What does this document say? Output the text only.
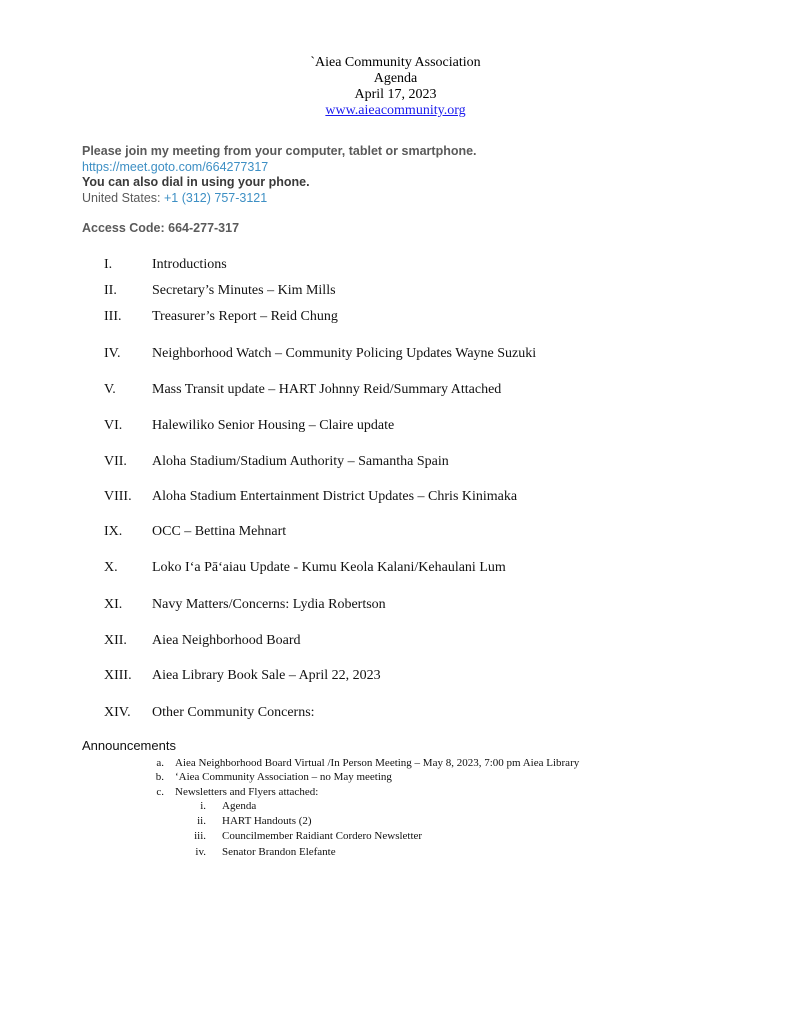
`Aiea Community Association
Agenda
April 17, 2023
www.aieacommunity.org
Please join my meeting from your computer, tablet or smartphone.
https://meet.goto.com/664277317
You can also dial in using your phone.
United States: +1 (312) 757-3121
Access Code: 664-277-317
I.	Introductions
II.	Secretary’s Minutes – Kim Mills
III.	Treasurer’s Report – Reid Chung
IV.	Neighborhood Watch – Community Policing Updates Wayne Suzuki
V.	Mass Transit update – HART Johnny Reid/Summary Attached
VI.	Halewiliko Senior Housing – Claire update
VII.	Aloha Stadium/Stadium Authority – Samantha Spain
VIII.	Aloha Stadium Entertainment District Updates – Chris Kinimaka
IX.	OCC – Bettina Mehnart
X.	Loko Iʻa Pāʻaiau Update - Kumu Keola Kalani/Kehaulani Lum
XI.	Navy Matters/Concerns: Lydia Robertson
XII.	Aiea Neighborhood Board
XIII.	Aiea Library Book Sale – April 22, 2023
XIV.	Other Community Concerns:
Announcements
a. Aiea Neighborhood Board Virtual /In Person Meeting – May 8, 2023, 7:00 pm Aiea Library
b. ‘Aiea Community Association – no May meeting
c. Newsletters and Flyers attached:
i. Agenda
ii. HART Handouts (2)
iii. Councilmember Raidiant Cordero Newsletter
iv. Senator Brandon Elefante
